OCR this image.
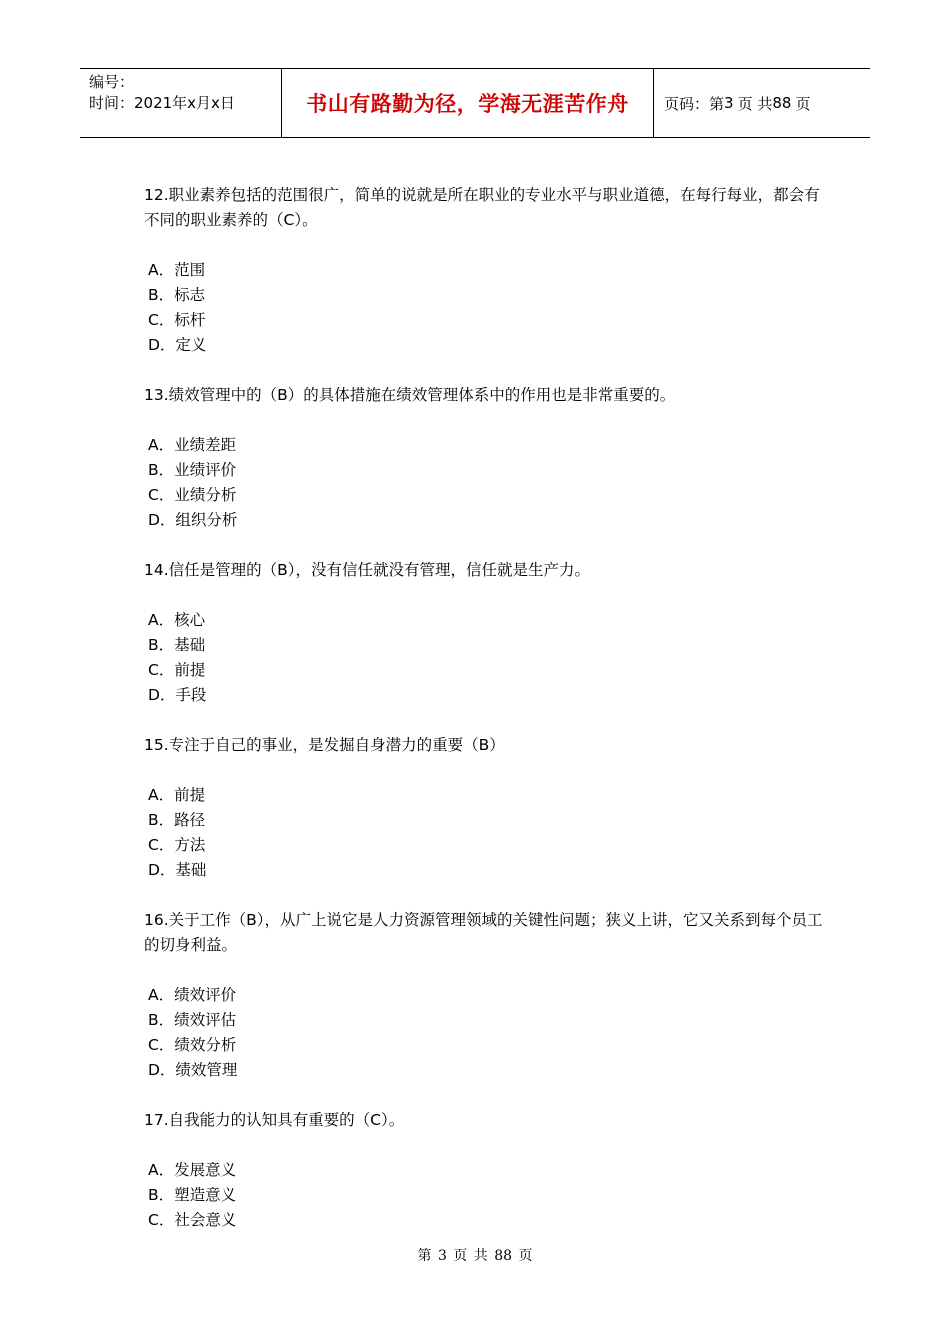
编号：
时间：2021年x月x日	书山有路勤为径，学海无涯苦作舟 页码：第 3 页 共 88 页

12.职业素养包括的范围很广，简单的说就是所在职业的专业水平与职业道德，在每行每业，都会有不同的职业素养的（C）。

A．范围

B．标志

C．标杆

D．定义

13.绩效管理中的（B）的具体措施在绩效管理体系中的作用也是非常重要的。

A．业绩差距

B．业绩评价

C．业绩分析

D．组织分析

14.信任是管理的（B），没有信任就没有管理，信任就是生产力。

A．核心

B．基础

C．前提

D．手段

15.专注于自己的事业，是发掘自身潜力的重要（B）

A．前提

B．路径

C．方法

D．基础

16.关于工作（B），从广上说它是人力资源管理领域的关键性问题；狭义上讲，它又关系到每个员工的切身利益。

A．绩效评价

B．绩效评估

C．绩效分析

D．绩效管理

17.自我能力的认知具有重要的（C）。

A．发展意义

B．塑造意义

C．社会意义

第 3 页 共 88 页
